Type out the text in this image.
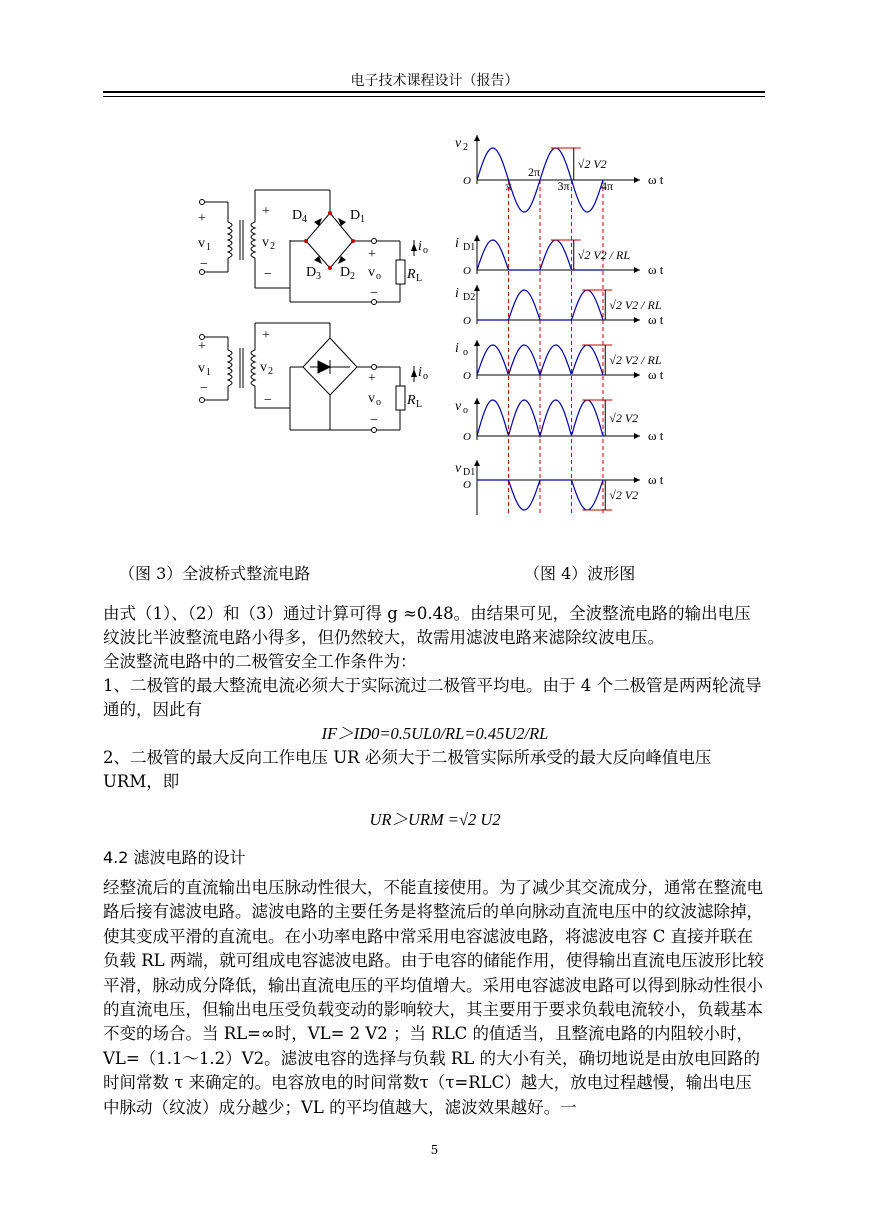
电子技术课程设计（报告）
+
v 1
−
+
v 2
−
D 4	D 1
D 3 D 2
+
v o
−
i o
R L
+
v 1
−
+
v 2
−
+
v o
−
i o
R L
v 2
O	ω t
√2 V2
i D1
O	ω t
√2 V2 / RL
i D2
O	ω t
√2 V2 / RL
i o
O	ω t
√2 V2 / RL
v o
O	ω t
√2 V2
v D1
O	ω t
√2 V2
π
2π
3π	4π
（图 3）全波桥式整流电路	（图 4）波形图

由式（1）、（2）和（3）通过计算可得 g ≈0.48。由结果可见，全波整流电路的输出电压纹波比半波整流电路小得多，但仍然较大，故需用滤波电路来滤除纹波电压。

全波整流电路中的二极管安全工作条件为：

1、二极管的最大整流电流必须大于实际流过二极管平均电。由于 4 个二极管是两两轮流导通的，因此有

IF＞ID0=0.5UL0/RL=0.45U2/RL

2、二极管的最大反向工作电压 UR 必须大于二极管实际所承受的最大反向峰值电压 URM，即

UR＞URM =√2 U2

4.2 滤波电路的设计

经整流后的直流输出电压脉动性很大，不能直接使用。为了减少其交流成分，通常在整流电路后接有滤波电路。滤波电路的主要任务是将整流后的单向脉动直流电压中的纹波滤除掉，使其变成平滑的直流电。在小功率电路中常采用电容滤波电路，将滤波电容 C 直接并联在负载 RL 两端，就可组成电容滤波电路。由于电容的储能作用，使得输出直流电压波形比较平滑，脉动成分降低，输出直流电压的平均值增大。采用电容滤波电路可以得到脉动性很小的直流电压，但输出电压受负载变动的影响较大，其主要用于要求负载电流较小，负载基本不变的场合。当 RL=∞时，VL= 2 V2 ；当 RLC 的值适当，且整流电路的内阻较小时，VL=（1.1～1.2）V2。滤波电容的选择与负载 RL 的大小有关，确切地说是由放电回路的时间常数 τ 来确定的。电容放电的时间常数τ（τ=RLC）越大，放电过程越慢，输出电压中脉动（纹波）成分越少；VL 的平均值越大，滤波效果越好。一

5
